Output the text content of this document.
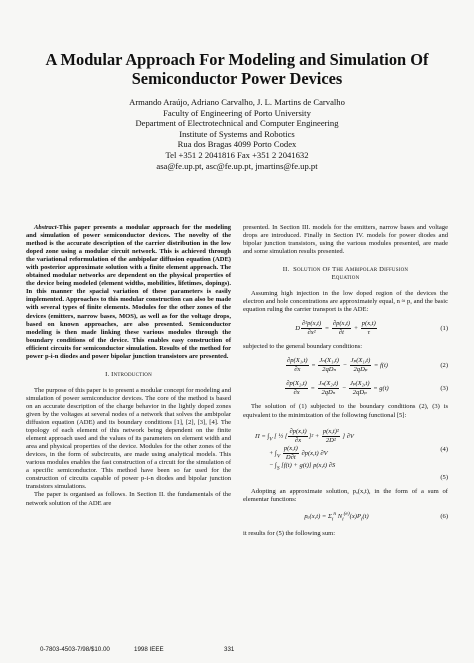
A Modular Approach For Modeling and Simulation Of
Semiconductor Power Devices
Armando Araújo, Adriano Carvalho, J. L. Martins de Carvalho
Faculty of Engineering of Porto University
Department of Electrotechnical and Computer Engineering
Institute of Systems and Robotics
Rua dos Bragas 4099 Porto Codex
Tel +351 2 2041816 Fax +351 2 2041632
asa@fe.up.pt, asc@fe.up.pt, jmartins@fe.up.pt

Abstract-This paper presents a modular approach for the modeling and simulation of power semiconductor devices. The novelty of the method is the accurate description of the carrier distribution in the low doped zone using a modular circuit network. This is achieved through the variational reformulation of the ambipolar diffusion equation (ADE) with posterior approximate solution with a finite element approach. The obtained modular networks are dependent on the physical properties of the device being modeled (element widths, mobilities, lifetimes, dopings). In this manner the spacial variation of these parameters is easily implemented. Approaches to this modular construction can also be made with several types of finite elements. Modules for the other zones of the devices (emitters, narrow bases, MOS), as well as for the voltage drops, based on known approaches, are also presented. Semiconductor modeling is then made linking these various modules through the boundary conditions of the device. This enables easy construction of efficient circuits for semiconductor simulation. Results of the method for power p-i-n diodes and power bipolar junction transistors are presented.

I. Introduction

The purpose of this paper is to present a modular concept for modeling and simulation of power semiconductor devices. The core of the method is based on an accurate description of the charge behavior in the lightly doped zones given by the voltages at several nodes of a network that solves the ambipolar diffusion equation (ADE) and its boundary conditions [1], [2], [3], [4]. The topology of each element of this network being dependent on the finite element approach used and the values of its parameters on element width and area and physical properties of the device. Modules for the other zones of the devices, in the form of subcircuits, are made using analytical models. This various modules enables the fast construction of a circuit for the simulation of a specific semiconductor. This method have been so far used for the construction of circuits capable of power p-i-n diodes and bipolar junction transistors simulations.

The paper is organised as follows. In Section II. the fundamentals of the network solution of the ADE are

presented. In Section III. models for the emitters, narrow bases and voltage drops are introduced. Finally in Section IV. models for power diodes and bipolar junction transistors, using the various modules presented, are made and some simulation results presented.

II. Solution Of The Ambipolar Diffusion
Equation

Assuming high injection in the low doped region of the devices the electron and hole concentrations are approximately equal, n ≈ p, and the basic equation ruling the carrier transport is the ADE:

D $\frac{\text{∂²p(x,t)}}{\text{∂x²}} = \frac{\partial p(x,t)}{\partial t} + \frac{p(x,t)}{\tau}$	(1)

subjected to the general boundary conditions:

$\frac{\text{∂p(X₁,t)}}{\partial x} = \frac{\text{Jₙ(X₁,t)}}{\text{2qDₙ}} - \frac{\text{Jₚ(X₁,t)}}{\text{2qDₚ}} = f(t)$	(2)
$\frac{\text{∂p(X₂,t)}}{\partial x} = \frac{\text{Jₙ(X₂,t)}}{\text{2qDₙ}} - \frac{\text{Jₚ(X₂,t)}}{\text{2qDₚ}} = g(t)$	(3)

The solution of (1) subjected to the boundary conditions (2), (3) is equivalent to the minimization of the following functional [5]:

$\Pi = \int_V$ [ ½ [ $\frac{\partial p(x,t)}{\partial x} ]^2 + \frac{\text{p(x,t)²}}{\text{2D²}}$ ] ∂V
+ $\int_V \frac{p(x,t)}{D\partial t} \partial p(x,t)$ ∂V
− $\int_S$ [f(t) + g(t)] p(x,t) ∂S
(4)
(5)

Adopting an approximate solution, pₐ(x,t), in the form of a sum of elementar functions:

$p_a(x,t) = \Sigma_i^n$ $N_i^{(e)}(x)P_i(t)$	(6)

it results for (5) the following sum:

0-7803-4503-7/98/$10.00	1998 IEEE	331
